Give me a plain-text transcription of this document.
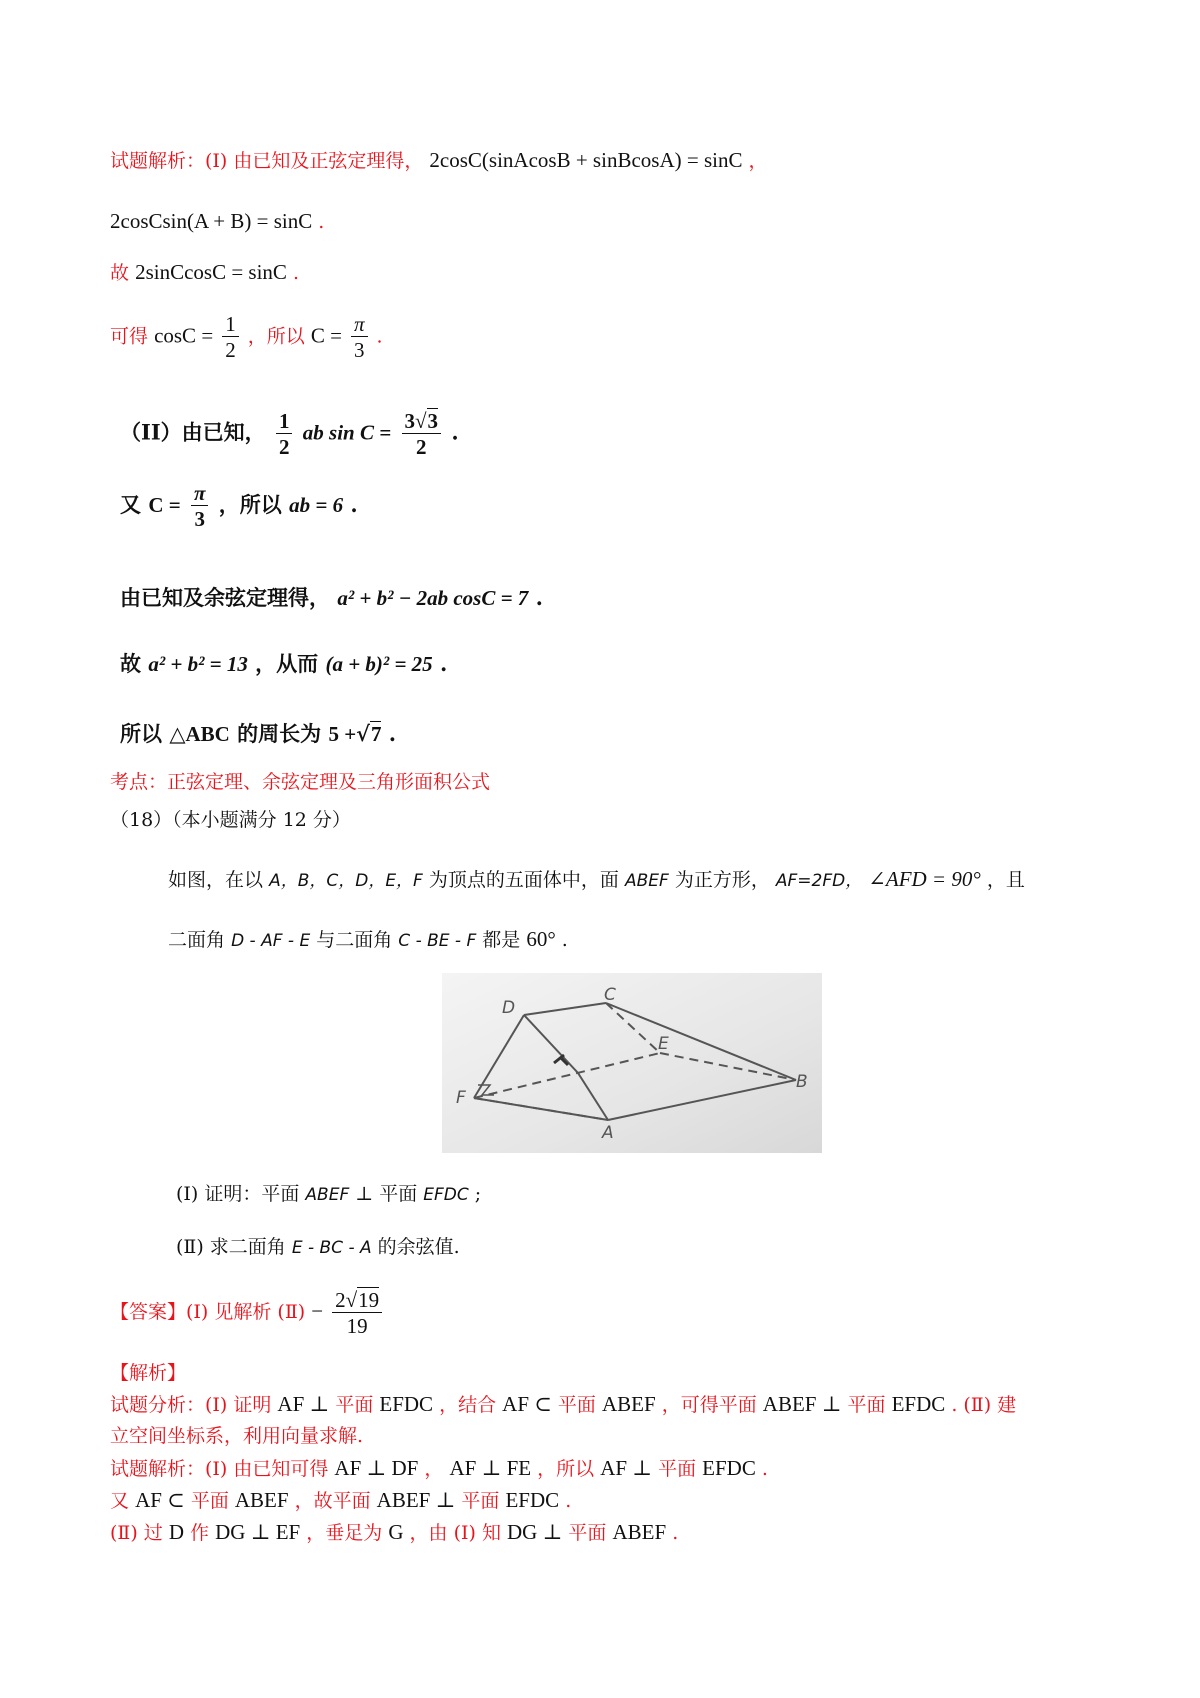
试题解析：(Ⅰ) 由已知及正弦定理得， 2cosC(sinAcosB + sinBcosA) = sinC ，
2cosCsin(A + B) = sinC .
故 2sinCcosC = sinC .
可得 $\cos C = \frac{1}{2}$ ，所以 $C = \frac{\pi}{3}$ .
（II）由已知， $\frac{1}{2}$ ab $\sin C = \frac{3√3}{2}$ .
又 $C = \frac{\pi}{3}$ ，所以 ab = 6 .
由已知及余弦定理得， a² + b² − 2ab cosC = 7 .
故 a² + b² = 13 ，从而 (a + b)² = 25 .
所以 △ABC 的周长为 5 +√7 .
考点：正弦定理、余弦定理及三角形面积公式
（18）（本小题满分 12 分）
如图，在以 A，B，C，D，E，F 为顶点的五面体中，面 ABEF 为正方形， AF=2FD， ∠AFD = 90° ，且
二面角 D - AF - E 与二面角 C - BE - F 都是 60° .
D
C
E
F
A
B
(Ⅰ) 证明：平面 ABEF ⊥ 平面 EFDC ;
(Ⅱ) 求二面角 E - BC - A 的余弦值.
【答案】(Ⅰ) 见解析 (Ⅱ) − $\frac{2√19}{19}$
【解析】
试题分析：(Ⅰ) 证明 AF ⊥ 平面 EFDC ，结合 AF ⊂ 平面 ABEF ，可得平面 ABEF ⊥ 平面 EFDC . (Ⅱ) 建
立空间坐标系，利用向量求解.
试题解析：(Ⅰ) 由已知可得 AF ⊥ DF ， AF ⊥ FE ，所以 AF ⊥ 平面 EFDC .
又 AF ⊂ 平面 ABEF ，故平面 ABEF ⊥ 平面 EFDC .
(Ⅱ) 过 D 作 DG ⊥ EF ，垂足为 G ，由 (Ⅰ) 知 DG ⊥ 平面 ABEF .
